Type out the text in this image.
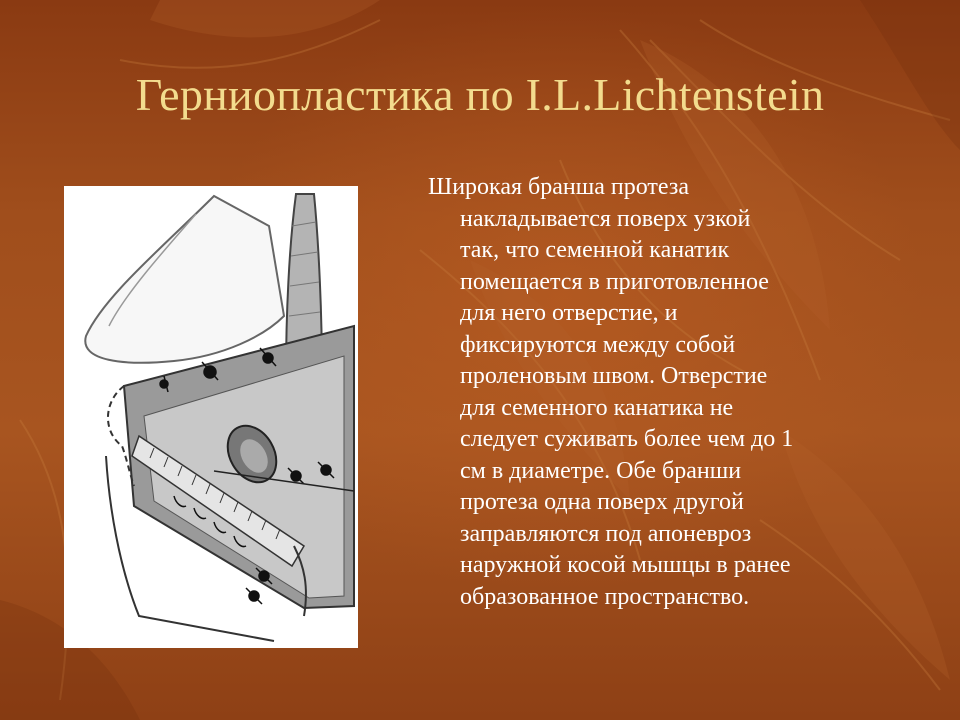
Герниопластика по I.L.Lichtenstein
Широкая бранша протеза
накладывается поверх узкой
так, что семенной канатик
помещается в приготовленное
для него отверстие, и
фиксируются между собой
проленовым швом. Отверстие
для семенного канатика не
следует суживать более чем до 1
см в диаметре. Обе бранши
протеза одна поверх другой
заправляются под апоневроз
наружной косой мышцы в ранее
образованное пространство.
